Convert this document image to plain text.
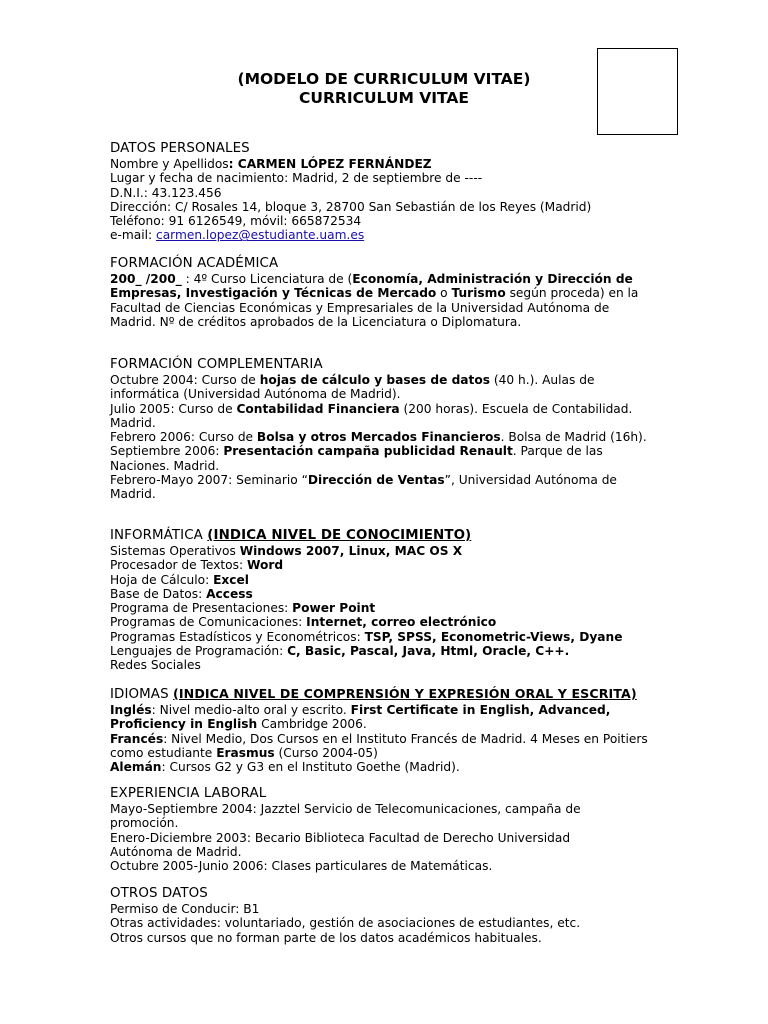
(MODELO DE CURRICULUM VITAE)
CURRICULUM VITAE
DATOS PERSONALES
Nombre y Apellidos: CARMEN LÓPEZ FERNÁNDEZ
Lugar y fecha de nacimiento: Madrid, 2 de septiembre de ----
D.N.I.: 43.123.456
Dirección: C/ Rosales 14, bloque 3, 28700 San Sebastián de los Reyes (Madrid)
Teléfono: 91 6126549, móvil: 665872534
e-mail: carmen.lopez@estudiante.uam.es
FORMACIÓN ACADÉMICA

200_ /200_ : 4º Curso Licenciatura de (Economía, Administración y Dirección de Empresas, Investigación y Técnicas de Mercado o Turismo según proceda) en la Facultad de Ciencias Económicas y Empresariales de la Universidad Autónoma de Madrid. Nº de créditos aprobados de la Licenciatura o Diplomatura.

FORMACIÓN COMPLEMENTARIA

Octubre 2004: Curso de hojas de cálculo y bases de datos (40 h.). Aulas de informática (Universidad Autónoma de Madrid).

Julio 2005: Curso de Contabilidad Financiera (200 horas). Escuela de Contabilidad. Madrid.

Febrero 2006: Curso de Bolsa y otros Mercados Financieros. Bolsa de Madrid (16h).

Septiembre 2006: Presentación campaña publicidad Renault. Parque de las Naciones. Madrid.

Febrero-Mayo 2007: Seminario “Dirección de Ventas”, Universidad Autónoma de Madrid.

INFORMÁTICA (INDICA NIVEL DE CONOCIMIENTO)
Sistemas Operativos Windows 2007, Linux, MAC OS X
Procesador de Textos: Word
Hoja de Cálculo: Excel
Base de Datos: Access
Programa de Presentaciones: Power Point
Programas de Comunicaciones: Internet, correo electrónico
Programas Estadísticos y Econométricos: TSP, SPSS, Econometric-Views, Dyane
Lenguajes de Programación: C, Basic, Pascal, Java, Html, Oracle, C++.
Redes Sociales
IDIOMAS (INDICA NIVEL DE COMPRENSIÓN Y EXPRESIÓN ORAL Y ESCRITA)

Inglés: Nivel medio-alto oral y escrito. First Certificate in English, Advanced, Proficiency in English Cambridge 2006.

Francés: Nivel Medio, Dos Cursos en el Instituto Francés de Madrid. 4 Meses en Poitiers como estudiante Erasmus (Curso 2004-05)

Alemán: Cursos G2 y G3 en el Instituto Goethe (Madrid).

EXPERIENCIA LABORAL

Mayo-Septiembre 2004: Jazztel Servicio de Telecomunicaciones, campaña de promoción.

Enero-Diciembre 2003: Becario Biblioteca Facultad de Derecho Universidad Autónoma de Madrid.

Octubre 2005-Junio 2006: Clases particulares de Matemáticas.

OTROS DATOS
Permiso de Conducir: B1
Otras actividades: voluntariado, gestión de asociaciones de estudiantes, etc.
Otros cursos que no forman parte de los datos académicos habituales.
